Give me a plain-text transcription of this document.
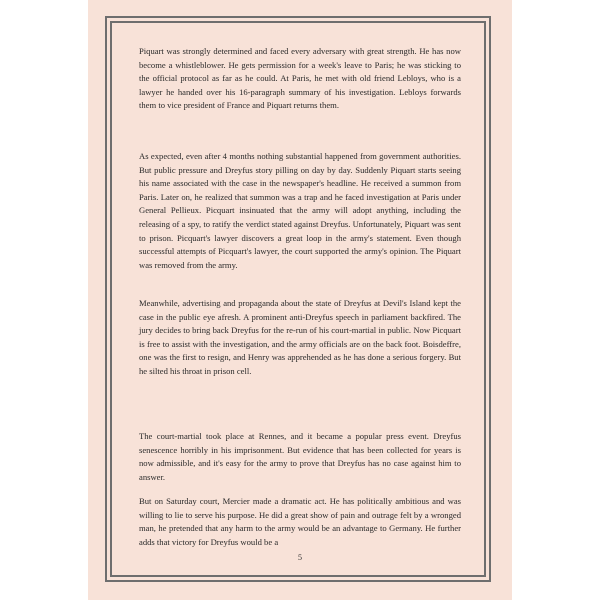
Piquart was strongly determined and faced every adversary with great strength. He has now become a whistleblower. He gets permission for a week's leave to Paris; he was sticking to the official protocol as far as he could. At Paris, he met with old friend Lebloys, who is a lawyer he handed over his 16-paragraph summary of his investigation. Lebloys forwards them to vice president of France and Piquart returns them.

As expected, even after 4 months nothing substantial happened from government authorities. But public pressure and Dreyfus story pilling on day by day. Suddenly Piquart starts seeing his name associated with the case in the newspaper's headline. He received a summon from Paris. Later on, he realized that summon was a trap and he faced investigation at Paris under General Pellieux. Picquart insinuated that the army will adopt anything, including the releasing of a spy, to ratify the verdict stated against Dreyfus. Unfortunately, Piquart was sent to prison. Picquart's lawyer discovers a great loop in the army's statement. Even though successful attempts of Picquart's lawyer, the court supported the army's opinion. The Piquart was removed from the army.

Meanwhile, advertising and propaganda about the state of Dreyfus at Devil's Island kept the case in the public eye afresh. A prominent anti-Dreyfus speech in parliament backfired. The jury decides to bring back Dreyfus for the re-run of his court-martial in public. Now Picquart is free to assist with the investigation, and the army officials are on the back foot. Boisdeffre, one was the first to resign, and Henry was apprehended as he has done a serious forgery. But he silted his throat in prison cell.

The court-martial took place at Rennes, and it became a popular press event. Dreyfus senescence horribly in his imprisonment. But evidence that has been collected for years is now admissible, and it's easy for the army to prove that Dreyfus has no case against him to answer.

But on Saturday court, Mercier made a dramatic act. He has politically ambitious and was willing to lie to serve his purpose. He did a great show of pain and outrage felt by a wronged man, he pretended that any harm to the army would be an advantage to Germany. He further adds that victory for Dreyfus would be a

5
